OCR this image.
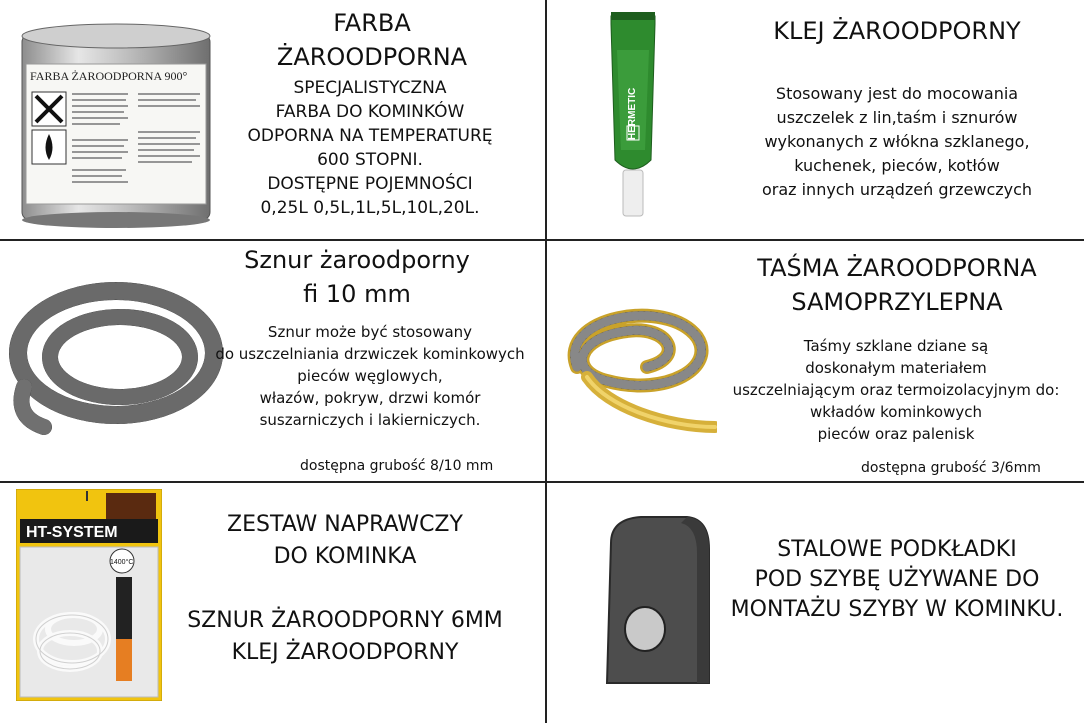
FARBA ŻAROODPORNA 900°
FARBA
ŻAROODPORNA
SPECJALISTYCZNA
FARBA DO KOMINKÓW
ODPORNA NA TEMPERATURĘ
600 STOPNI.
DOSTĘPNE POJEMNOŚCI
0,25L 0,5L,1L,5L,10L,20L.
HERMETIC
KLEJ ŻAROODPORNY
Stosowany jest do mocowania
uszczelek z lin,taśm i sznurów
wykonanych z włókna szklanego,
kuchenek, pieców, kotłów
oraz innych urządzeń grzewczych
Sznur żaroodporny
fi 10 mm
Sznur może być stosowany
do uszczelniania drzwiczek kominkowych
pieców węglowych,
włazów, pokryw, drzwi komór
suszarniczych i lakierniczych.
dostępna grubość 8/10 mm
TAŚMA ŻAROODPORNA
SAMOPRZYLEPNA
Taśmy szklane dziane są
doskonałym materiałem
uszczelniającym oraz termoizolacyjnym do:
wkładów kominkowych
pieców oraz palenisk
dostępna grubość 3/6mm
HT-SYSTEM
1400°C
ZESTAW NAPRAWCZY
DO KOMINKA
SZNUR ŻAROODPORNY 6MM
KLEJ ŻAROODPORNY
STALOWE PODKŁADKI
POD SZYBĘ UŻYWANE DO
MONTAŻU SZYBY W KOMINKU.
